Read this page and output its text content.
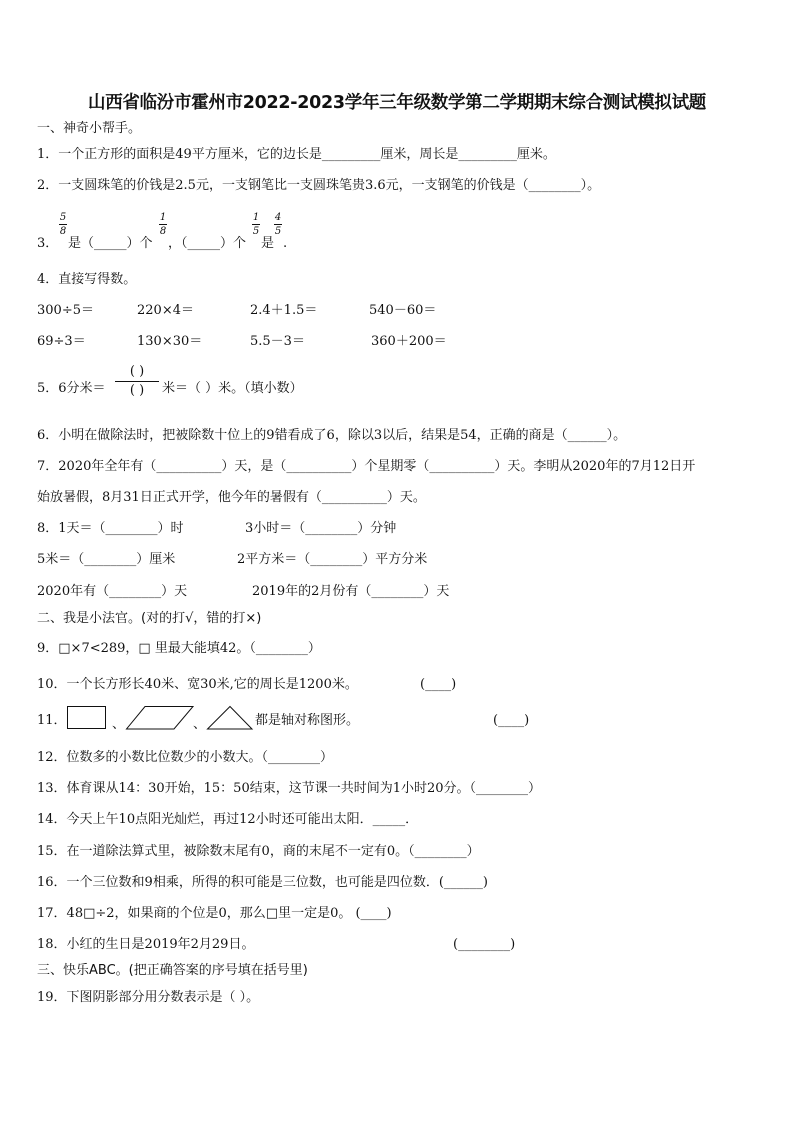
山西省临汾市霍州市2022-2023学年三年级数学第二学期期末综合测试模拟试题
一、神奇小帮手。
1．一个正方形的面积是49平方厘米，它的边长是_________厘米，周长是_________厘米。
2．一支圆珠笔的价钱是2.5元，一支钢笔比一支圆珠笔贵3.6元，一支钢笔的价钱是（________）。
3．
5
8
是（_____）个
1
8
，（_____）个
1
5
是
4
5
.
4．直接写得数。
300÷5＝	220×4＝	2.4＋1.5＝	540－60＝
69÷3＝	130×30＝	5.5－3＝	360＋200＝
5．6分米＝
( )
( )	米＝（ ）米。（填小数）
6．小明在做除法时，把被除数十位上的9错看成了6，除以3以后，结果是54，正确的商是（______）。
7．2020年全年有（__________）天，是（__________）个星期零（__________）天。李明从2020年的7月12日开
始放暑假，8月31日正式开学，他今年的暑假有（__________）天。
8．1天＝（________）时	3小时＝（________）分钟
5米＝（________）厘米	2平方米＝（________）平方分米
2020年有（________）天	2019年的2月份有（________）天
二、我是小法官。(对的打√，错的打×)
9．□×7<289，□ 里最大能填42。（________）
10．一个长方形长40米、宽30米,它的周长是1200米。	(____)
11．	、	、	都是轴对称图形。	(____)
12．位数多的小数比位数少的小数大。（________）
13．体育课从14：30开始，15：50结束，这节课一共时间为1小时20分。（________）
14．今天上午10点阳光灿烂，再过12小时还可能出太阳．_____．
15．在一道除法算式里，被除数末尾有0，商的末尾不一定有0。（________）
16．一个三位数和9相乘，所得的积可能是三位数，也可能是四位数．(______)
17．48□÷2，如果商的个位是0，那么□里一定是0。 (____)
18．小红的生日是2019年2月29日。	(________)
三、快乐ABC。(把正确答案的序号填在括号里)
19．下图阴影部分用分数表示是（ ）。
